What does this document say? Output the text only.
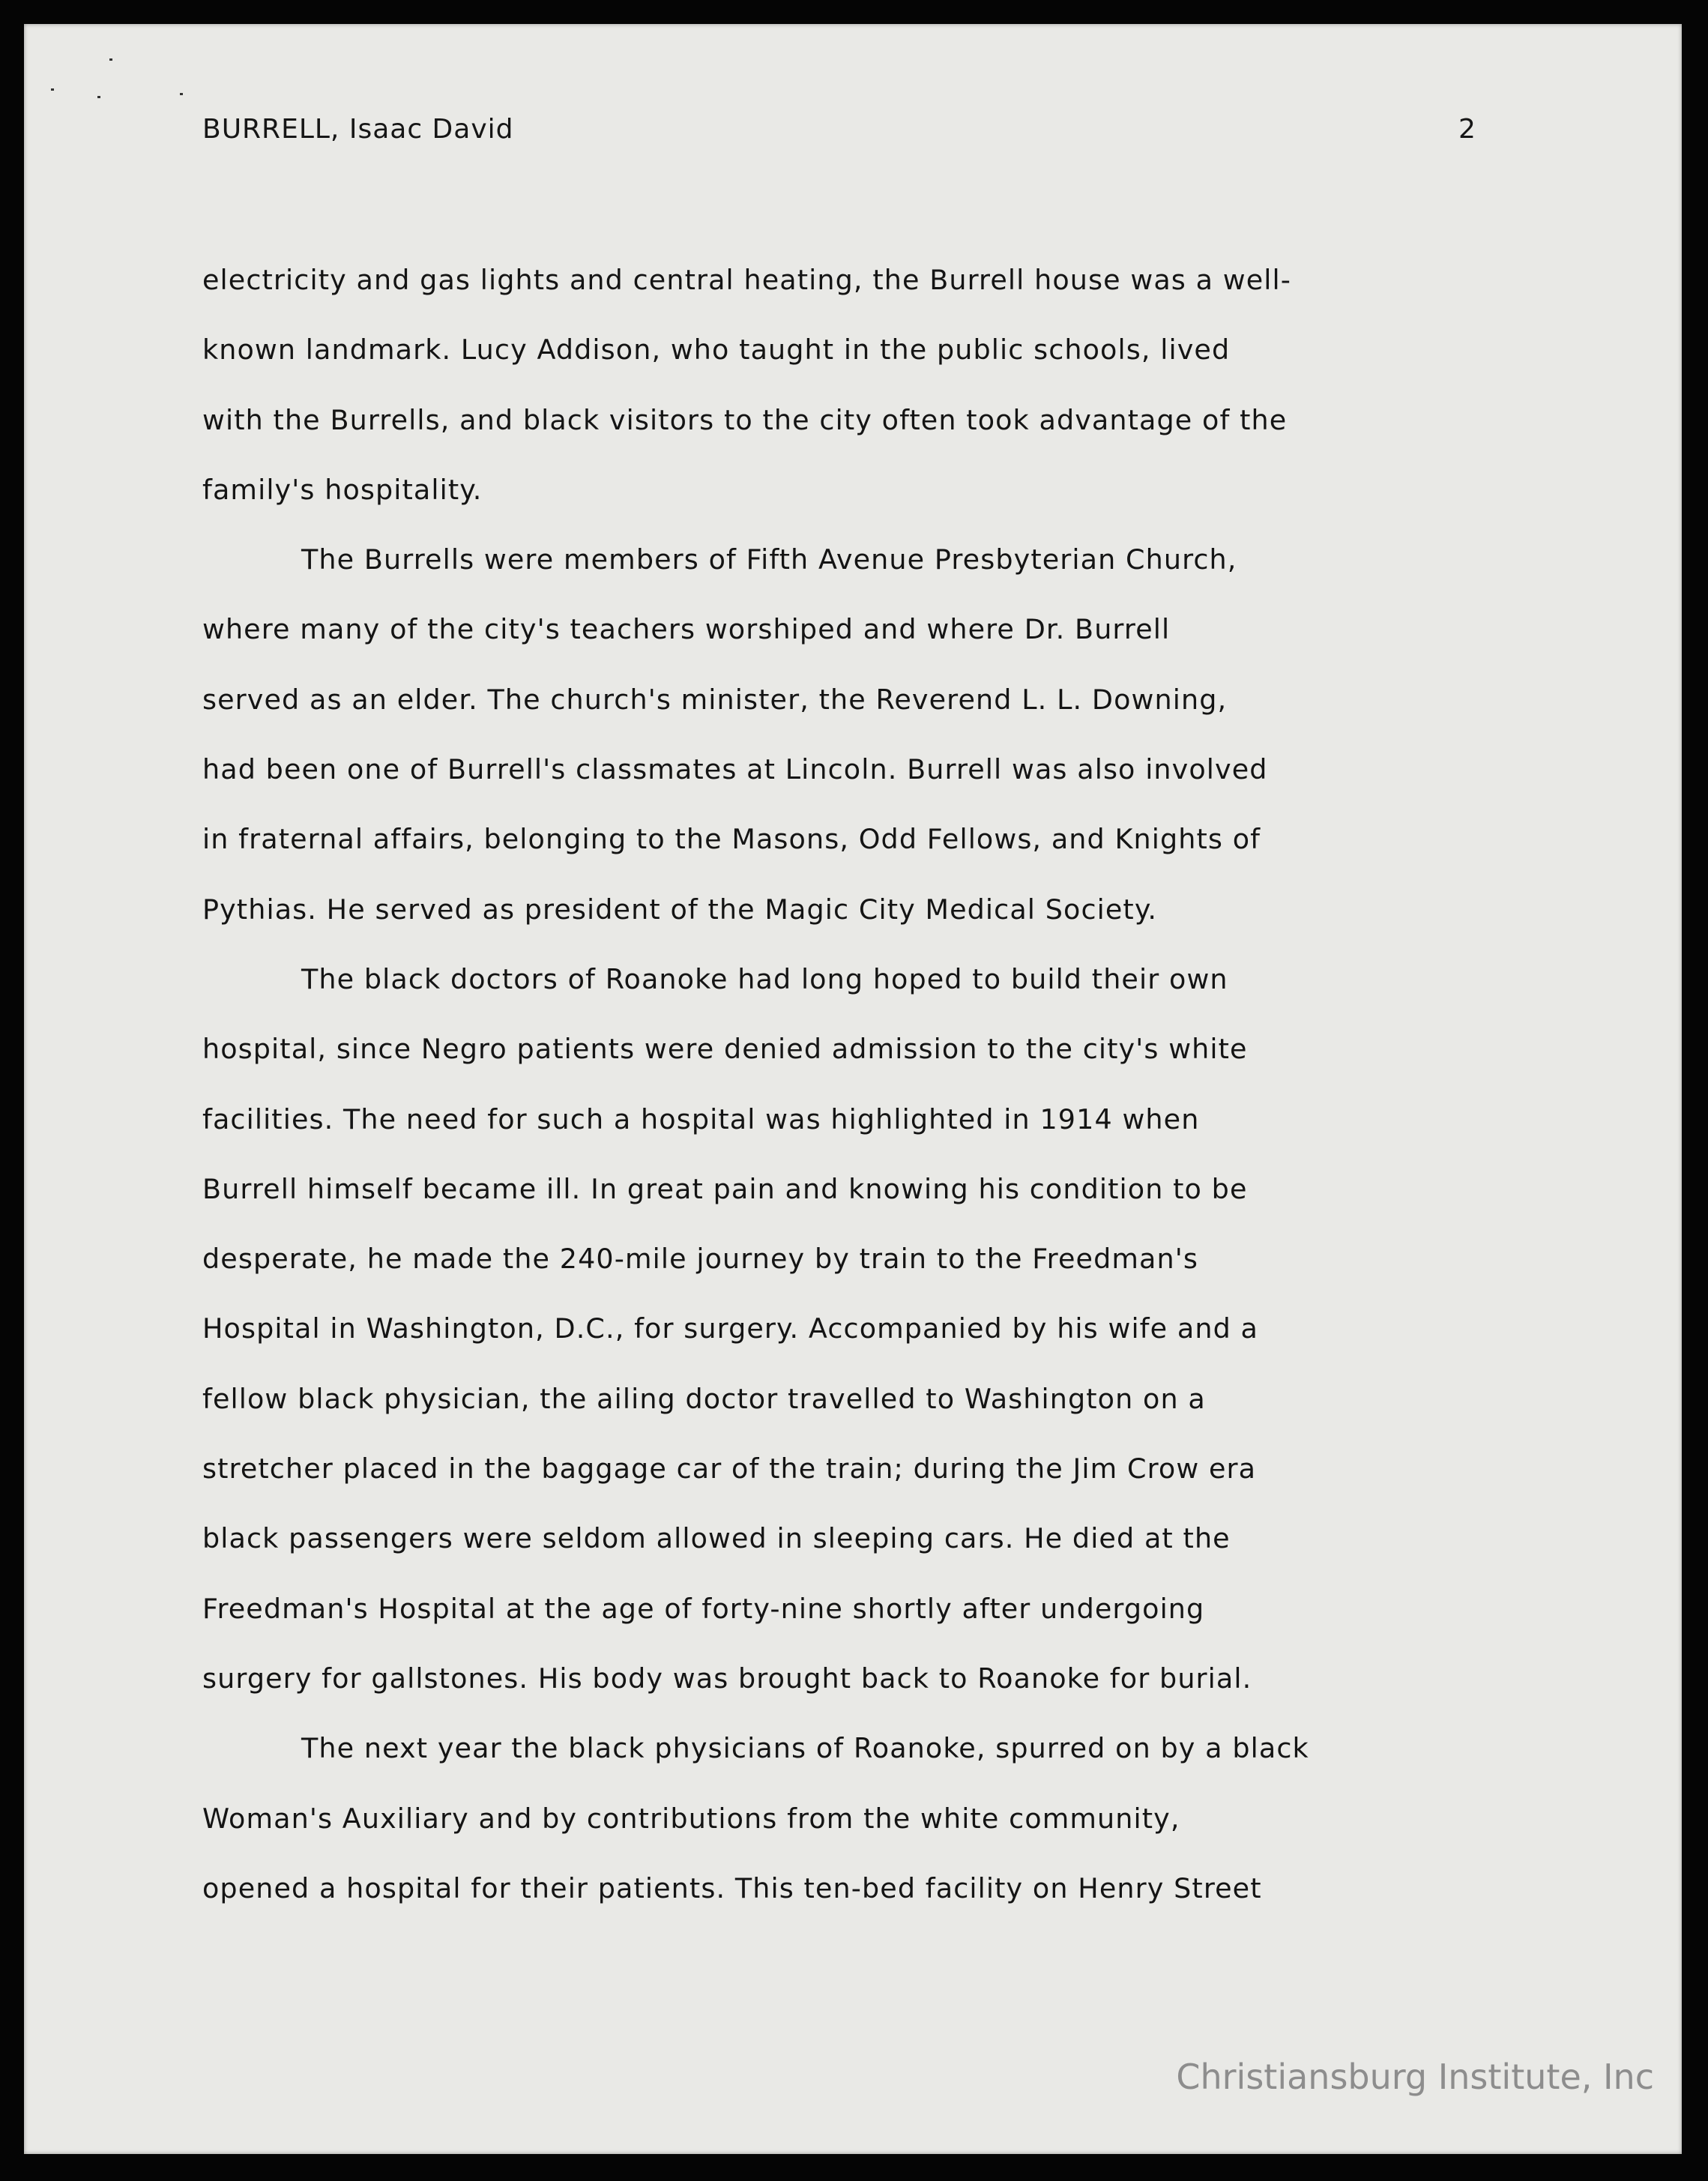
BURRELL, Isaac David	2
electricity and gas lights and central heating, the Burrell house was a well-
known landmark. Lucy Addison, who taught in the public schools, lived
with the Burrells, and black visitors to the city often took advantage of the
family's hospitality.
The Burrells were members of Fifth Avenue Presbyterian Church,
where many of the city's teachers worshiped and where Dr. Burrell
served as an elder. The church's minister, the Reverend L. L. Downing,
had been one of Burrell's classmates at Lincoln. Burrell was also involved
in fraternal affairs, belonging to the Masons, Odd Fellows, and Knights of
Pythias. He served as president of the Magic City Medical Society.
The black doctors of Roanoke had long hoped to build their own
hospital, since Negro patients were denied admission to the city's white
facilities. The need for such a hospital was highlighted in 1914 when
Burrell himself became ill. In great pain and knowing his condition to be
desperate, he made the 240-mile journey by train to the Freedman's
Hospital in Washington, D.C., for surgery. Accompanied by his wife and a
fellow black physician, the ailing doctor travelled to Washington on a
stretcher placed in the baggage car of the train; during the Jim Crow era
black passengers were seldom allowed in sleeping cars. He died at the
Freedman's Hospital at the age of forty-nine shortly after undergoing
surgery for gallstones. His body was brought back to Roanoke for burial.
The next year the black physicians of Roanoke, spurred on by a black
Woman's Auxiliary and by contributions from the white community,
opened a hospital for their patients. This ten-bed facility on Henry Street
Christiansburg Institute, Inc
